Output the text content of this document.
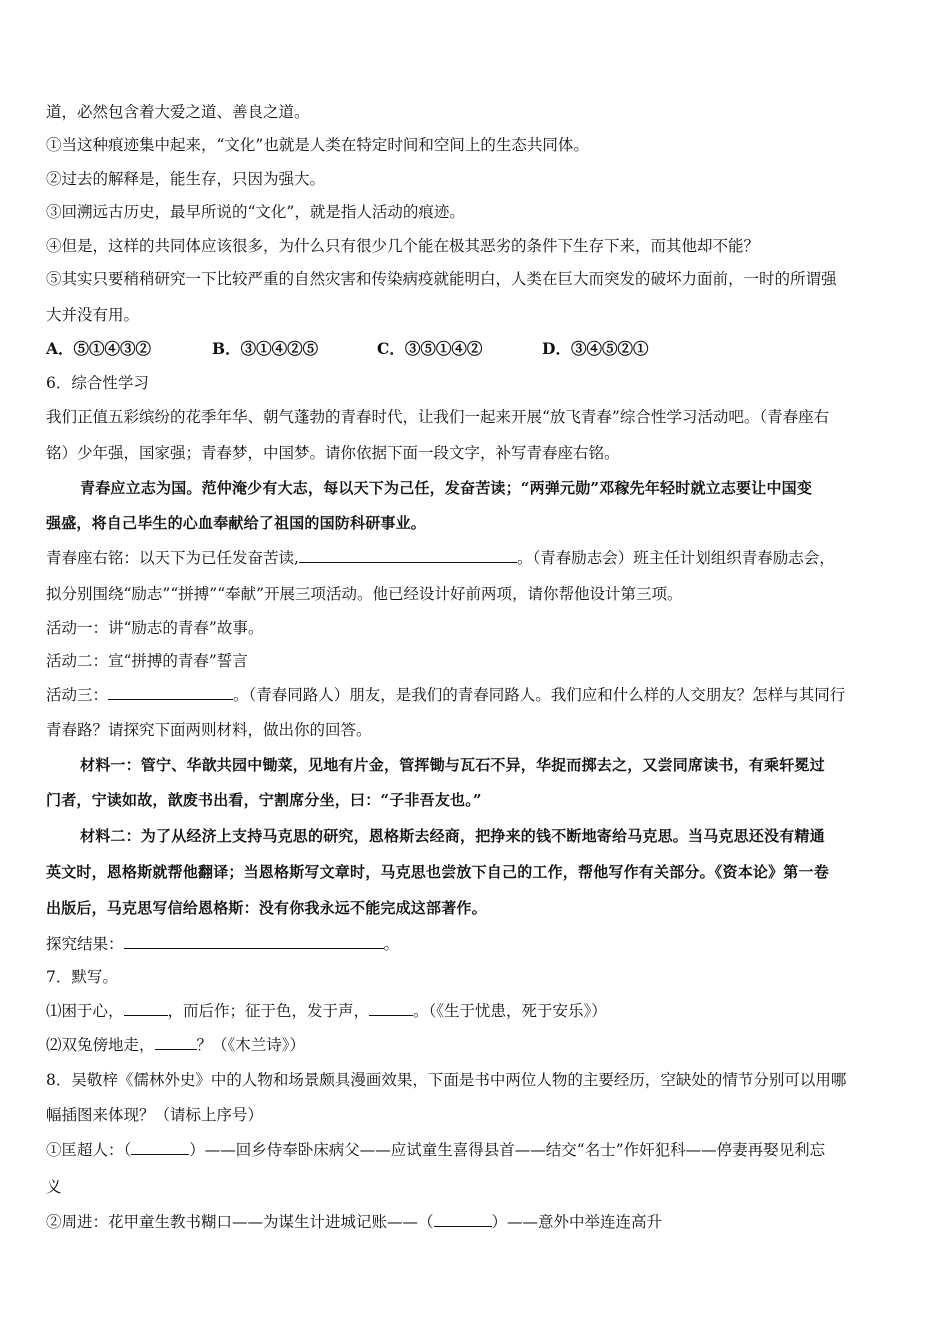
道，必然包含着大爱之道、善良之道。
①当这种痕迹集中起来，“文化”也就是人类在特定时间和空间上的生态共同体。
②过去的解释是，能生存，只因为强大。
③回溯远古历史，最早所说的“文化”，就是指人活动的痕迹。
④但是，这样的共同体应该很多，为什么只有很少几个能在极其恶劣的条件下生存下来，而其他却不能？
⑤其实只要稍稍研究一下比较严重的自然灾害和传染病疫就能明白，人类在巨大而突发的破坏力面前，一时的所谓强
大并没有用。
A．⑤①④③②	B．③①④②⑤	C．③⑤①④②	D．③④⑤②①
6．综合性学习
我们正值五彩缤纷的花季年华、朝气蓬勃的青春时代，让我们一起来开展“放飞青春”综合性学习活动吧。（青春座右
铭）少年强，国家强；青春梦，中国梦。请你依据下面一段文字，补写青春座右铭。
青春应立志为国。范仲淹少有大志，每以天下为己任，发奋苦读；“两弹元勋”邓稼先年轻时就立志要让中国变
强盛，将自己毕生的心血奉献给了祖国的国防科研事业。
青春座右铭：以天下为已任发奋苦读,	。（青春励志会）班主任计划组织青春励志会，
拟分别围绕“励志”“拼搏”“奉献”开展三项活动。他已经设计好前两项，请你帮他设计第三项。
活动一：讲“励志的青春”故事。
活动二：宣“拼搏的青春”誓言
活动三：	。（青春同路人）朋友，是我们的青春同路人。我们应和什么样的人交朋友？怎样与其同行
青春路？请探究下面两则材料，做出你的回答。
材料一：管宁、华歆共园中锄菜，见地有片金，管挥锄与瓦石不异，华捉而掷去之，又尝同席读书，有乘轩冕过
门者，宁读如故，歆废书出看，宁割席分坐，曰：“子非吾友也。”
材料二：为了从经济上支持马克思的研究，恩格斯去经商，把挣来的钱不断地寄给马克思。当马克思还没有精通
英文时，恩格斯就帮他翻译；当恩格斯写文章时，马克思也尝放下自己的工作，帮他写作有关部分。《资本论》第一卷
出版后，马克思写信给恩格斯：没有你我永远不能完成这部著作。
探究结果：	。
7．默写。
⑴困于心，	，而后作；征于色，发于声，	。（《生于忧患，死于安乐》）
⑵双兔傍地走，	？（《木兰诗》）
8．吴敬梓《儒林外史》中的人物和场景颇具漫画效果，下面是书中两位人物的主要经历，空缺处的情节分别可以用哪
幅插图来体现？（请标上序号）
①匡超人：（	）——回乡侍奉卧床病父——应试童生喜得县首——结交“名士”作奸犯科——停妻再娶见利忘
义
②周进：花甲童生教书糊口——为谋生计进城记账——（	）——意外中举连连高升
